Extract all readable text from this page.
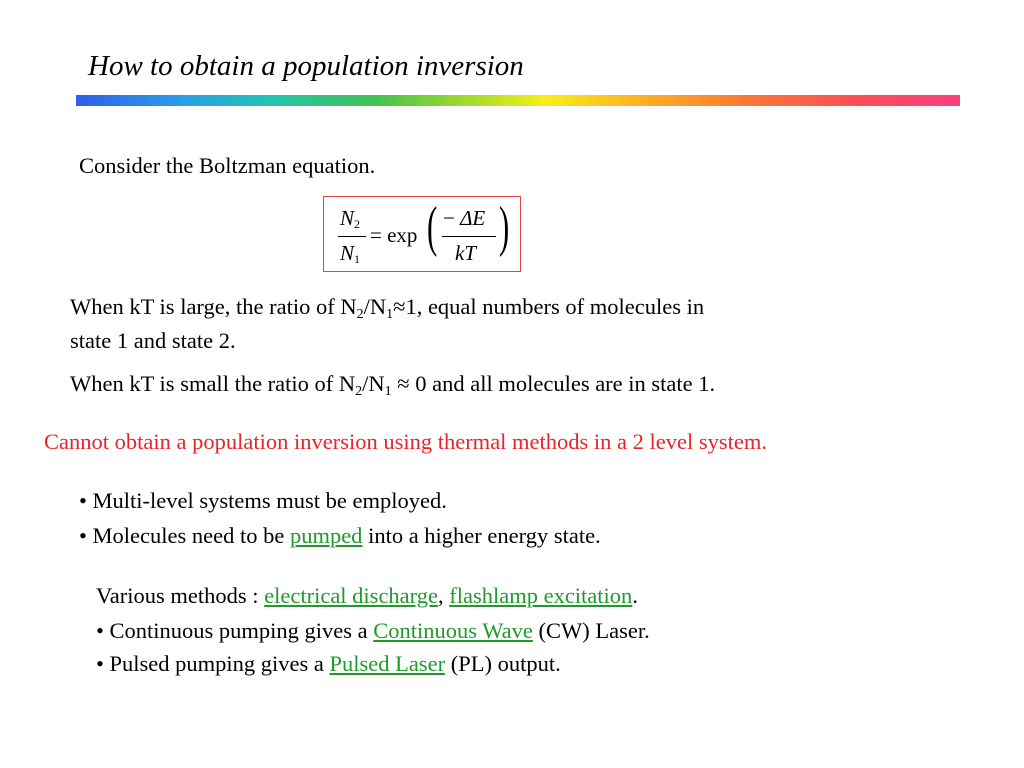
How to obtain a population inversion
Consider the Boltzman equation.
N2
N1
= exp ( − ΔE
kT )
When kT is large, the ratio of $N_2/N_1\approx 1$, equal numbers of molecules in
state 1 and state 2.
When kT is small the ratio of $N_2/N_1 \approx 0$ and all molecules are in state 1.
Cannot obtain a population inversion using thermal methods in a 2 level system.
• Multi-level systems must be employed.
• Molecules need to be pumped into a higher energy state.
Various methods : electrical discharge, flashlamp excitation.
• Continuous pumping gives a Continuous Wave (CW) Laser.
• Pulsed pumping gives a Pulsed Laser (PL) output.
